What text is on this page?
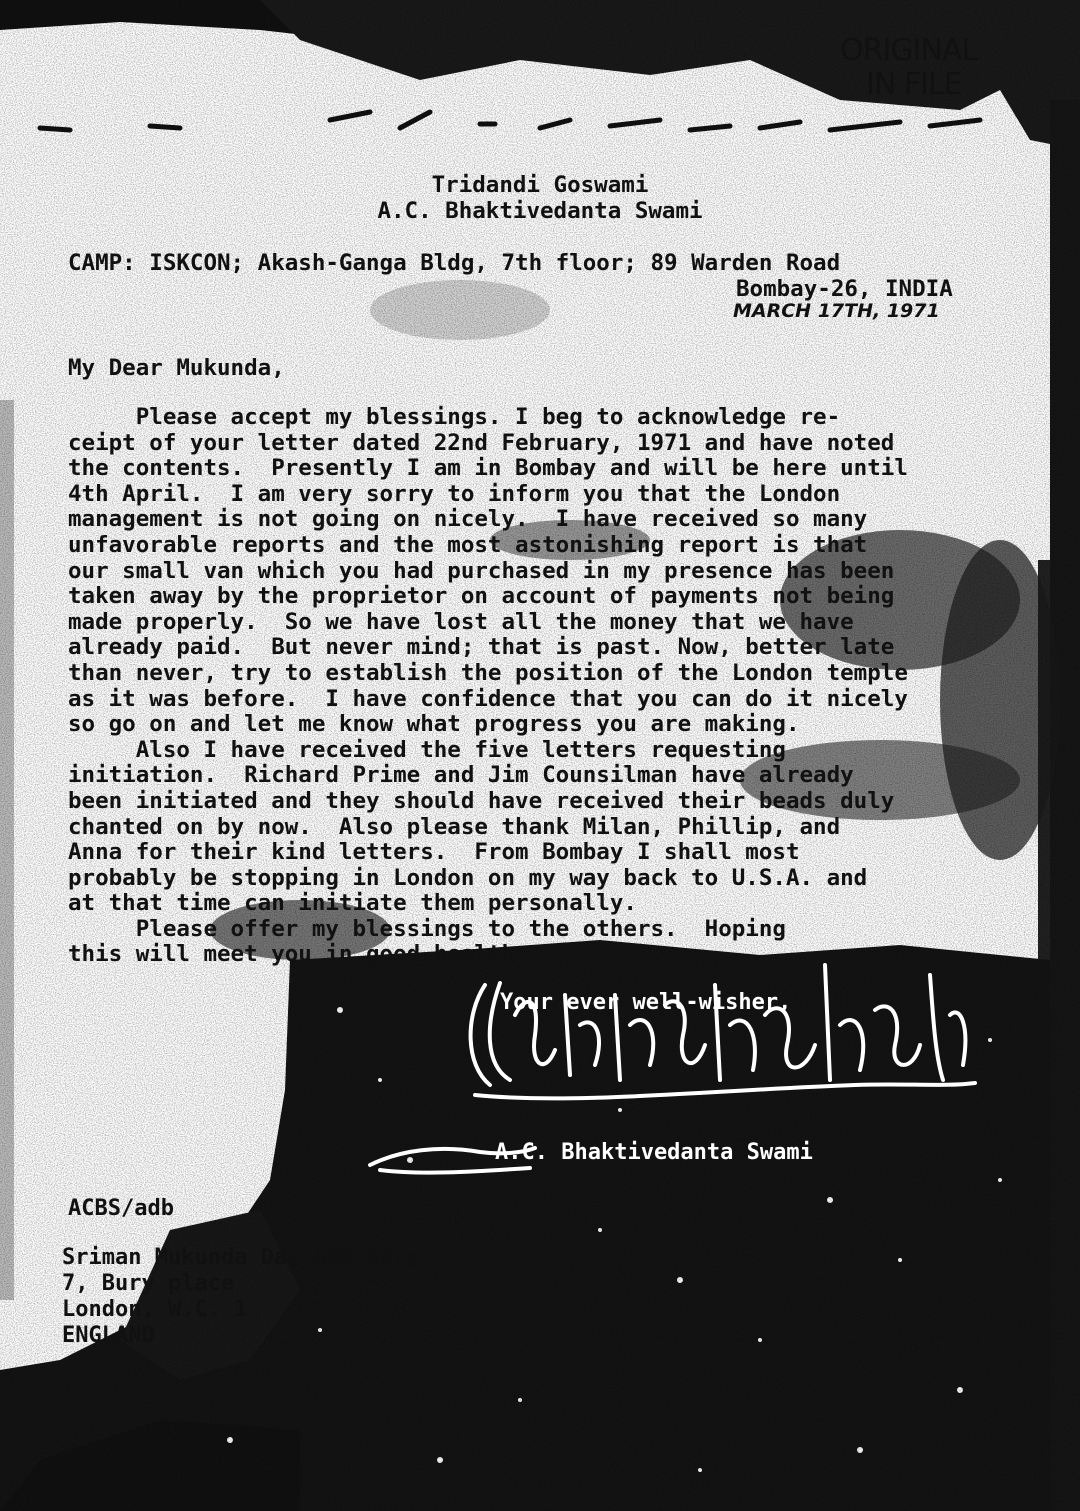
ORIGINAL
IN FILE
Tridandi Goswami
A.C. Bhaktivedanta Swami
CAMP: ISKCON; Akash-Ganga Bldg, 7th floor; 89 Warden Road
Bombay-26, INDIA
MARCH 17TH, 1971
My Dear Mukunda,
Please accept my blessings. I beg to acknowledge re-
ceipt of your letter dated 22nd February, 1971 and have noted
the contents.  Presently I am in Bombay and will be here until
4th April.  I am very sorry to inform you that the London
management is not going on nicely.  I have received so many
unfavorable reports and the most astonishing report is that
our small van which you had purchased in my presence has been
taken away by the proprietor on account of payments not being
made properly.  So we have lost all the money that we have
already paid.  But never mind; that is past. Now, better late
than never, try to establish the position of the London temple
as it was before.  I have confidence that you can do it nicely
so go on and let me know what progress you are making.
Also I have received the five letters requesting
initiation.  Richard Prime and Jim Counsilman have already
been initiated and they should have received their beads duly
chanted on by now.  Also please thank Milan, Phillip, and
Anna for their kind letters.  From Bombay I shall most
probably be stopping in London on my way back to U.S.A. and
at that time can initiate them personally.
Please offer my blessings to the others.  Hoping
this will meet you in good health.
Your ever well-wisher,
A.C. Bhaktivedanta Swami
ACBS/adb
Sriman Mukunda Das Adhikary
7, Bury place
London, W.C. 1
ENGLAND
